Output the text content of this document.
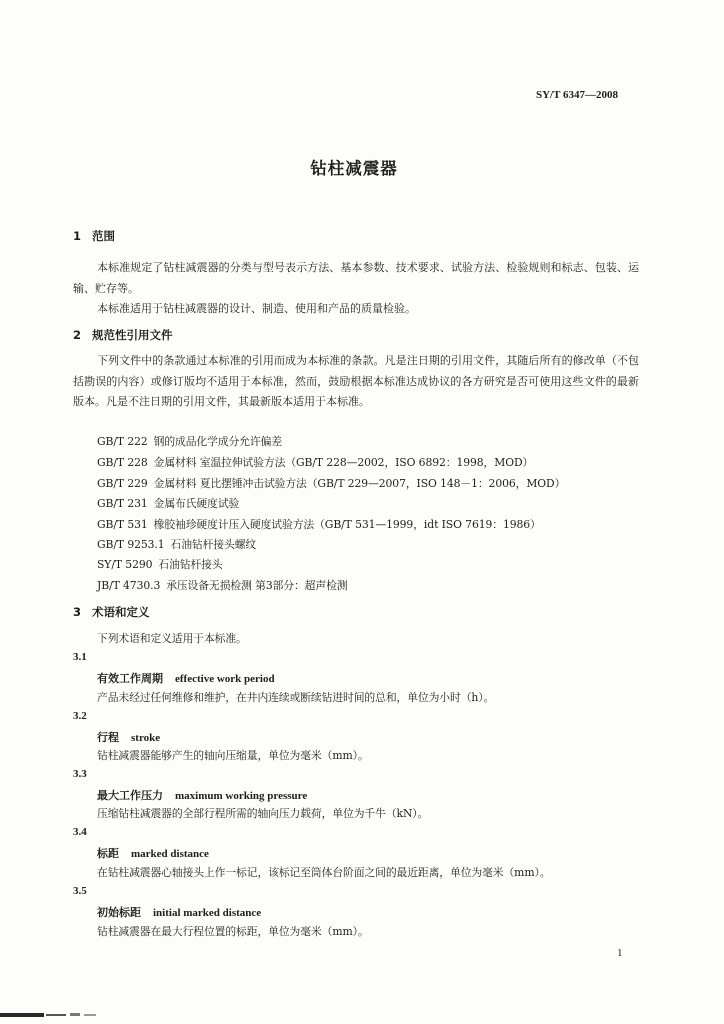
SY/T 6347—2008
钻柱减震器
1 范围

本标准规定了钻柱减震器的分类与型号表示方法、基本参数、技术要求、试验方法、检验规则和标志、包装、运输、贮存等。

本标准适用于钻柱减震器的设计、制造、使用和产品的质量检验。

2 规范性引用文件

下列文件中的条款通过本标准的引用而成为本标准的条款。凡是注日期的引用文件，其随后所有的修改单（不包括勘误的内容）或修订版均不适用于本标准，然而，鼓励根据本标准达成协议的各方研究是否可使用这些文件的最新版本。凡是不注日期的引用文件，其最新版本适用于本标准。

GB/T 222 钢的成品化学成分允许偏差
GB/T 228 金属材料 室温拉伸试验方法（GB/T 228—2002，ISO 6892：1998，MOD）
GB/T 229 金属材料 夏比摆锤冲击试验方法（GB/T 229—2007，ISO 148－1：2006，MOD）
GB/T 231 金属布氏硬度试验
GB/T 531 橡胶袖珍硬度计压入硬度试验方法（GB/T 531—1999，idt ISO 7619：1986）
GB/T 9253.1 石油钻杆接头螺纹
SY/T 5290 石油钻杆接头
JB/T 4730.3 承压设备无损检测 第3部分：超声检测
3 术语和定义
下列术语和定义适用于本标准。
3.1
有效工作周期 effective work period
产品未经过任何维修和维护，在井内连续或断续钻进时间的总和，单位为小时（h）。
3.2
行程 stroke
钻柱减震器能够产生的轴向压缩量，单位为毫米（mm）。
3.3
最大工作压力 maximum working pressure
压缩钻柱减震器的全部行程所需的轴向压力载荷，单位为千牛（kN）。
3.4
标距 marked distance
在钻柱减震器心轴接头上作一标记，该标记至筒体台阶面之间的最近距离，单位为毫米（mm）。
3.5
初始标距 initial marked distance
钻柱减震器在最大行程位置的标距，单位为毫米（mm）。
1
